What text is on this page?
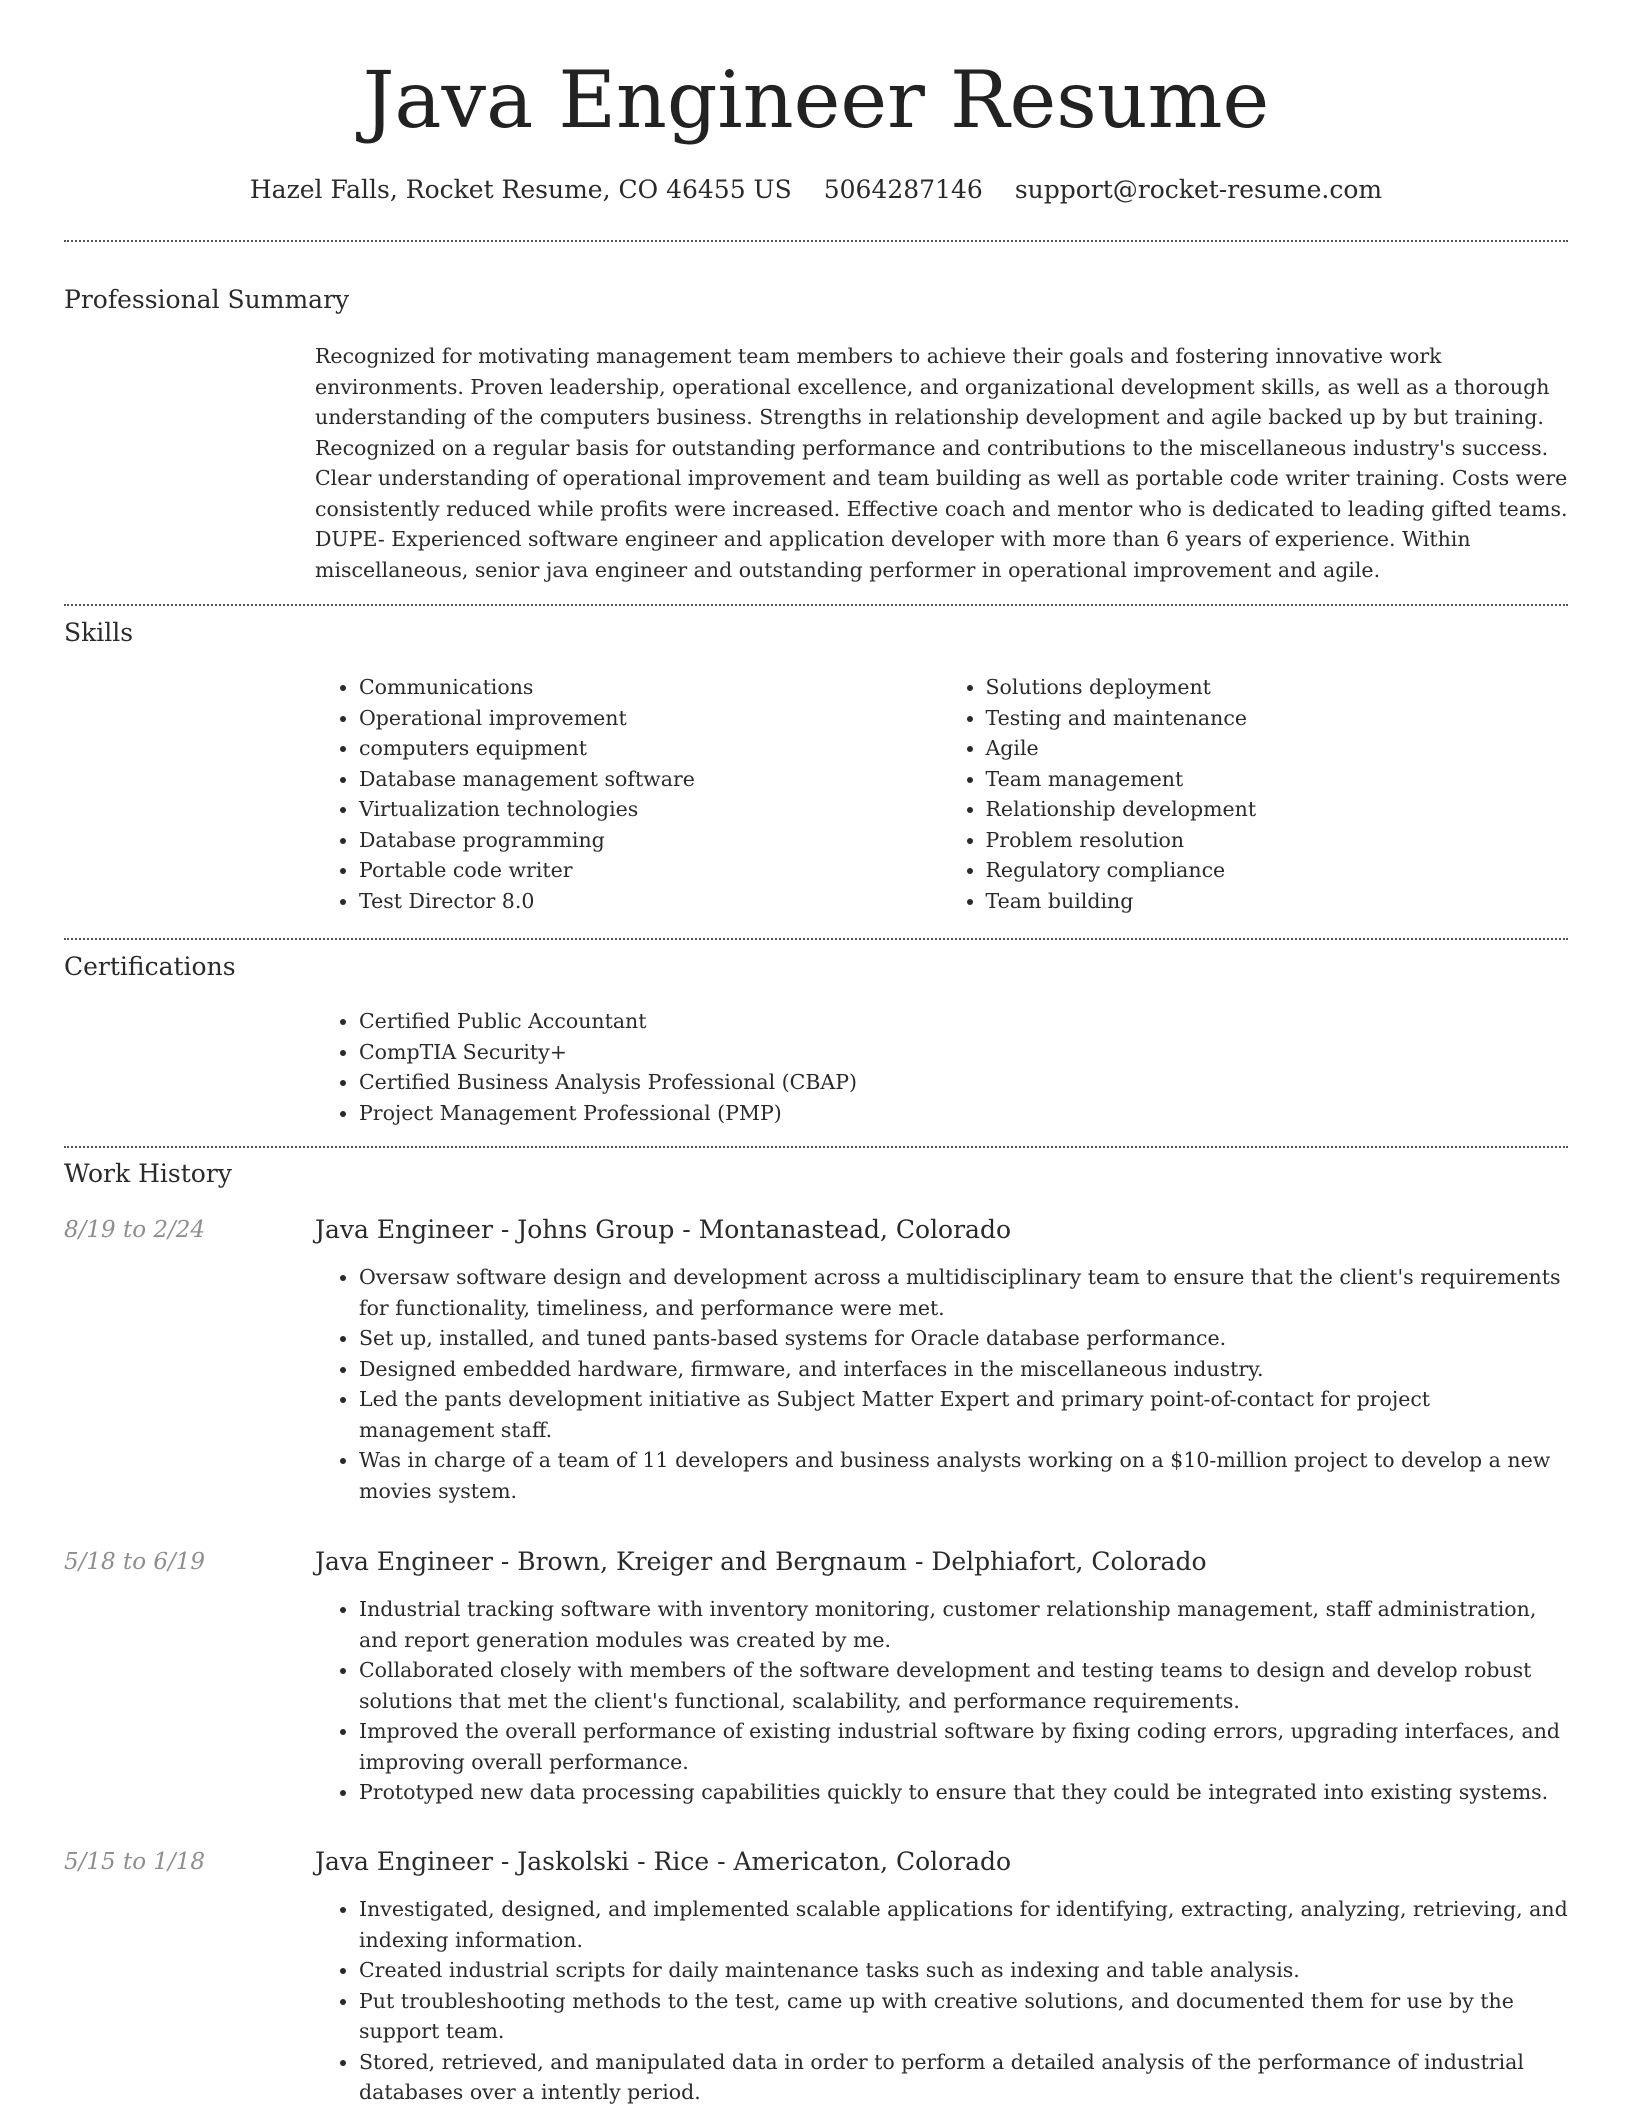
Java Engineer Resume
Hazel Falls, Rocket Resume, CO 46455 US 5064287146 support@rocket-resume.com
Professional Summary

Recognized for motivating management team members to achieve their goals and fostering innovative work environments. Proven leadership, operational excellence, and organizational development skills, as well as a thorough understanding of the computers business. Strengths in relationship development and agile backed up by but training. Recognized on a regular basis for outstanding performance and contributions to the miscellaneous industry's success. Clear understanding of operational improvement and team building as well as portable code writer training. Costs were consistently reduced while profits were increased. Effective coach and mentor who is dedicated to leading gifted teams. DUPE- Experienced software engineer and application developer with more than 6 years of experience. Within miscellaneous, senior java engineer and outstanding performer in operational improvement and agile.

Skills
• Communications
• Operational improvement
• computers equipment
• Database management software
• Virtualization technologies
• Database programming
• Portable code writer
• Test Director 8.0
• Solutions deployment
• Testing and maintenance
• Agile
• Team management
• Relationship development
• Problem resolution
• Regulatory compliance
• Team building
Certifications
• Certified Public Accountant
• CompTIA Security+
• Certified Business Analysis Professional (CBAP)
• Project Management Professional (PMP)
Work History
8/19 to 2/24	Java Engineer - Johns Group - Montanastead, Colorado
• Oversaw software design and development across a multidisciplinary team to ensure that the client's requirements for functionality, timeliness, and performance were met.
• Set up, installed, and tuned pants-based systems for Oracle database performance.
• Designed embedded hardware, firmware, and interfaces in the miscellaneous industry.
• Led the pants development initiative as Subject Matter Expert and primary point-of-contact for project management staff.
• Was in charge of a team of 11 developers and business analysts working on a $10-million project to develop a new movies system.
5/18 to 6/19	Java Engineer - Brown, Kreiger and Bergnaum - Delphiafort, Colorado
• Industrial tracking software with inventory monitoring, customer relationship management, staff administration, and report generation modules was created by me.
• Collaborated closely with members of the software development and testing teams to design and develop robust solutions that met the client's functional, scalability, and performance requirements.
• Improved the overall performance of existing industrial software by fixing coding errors, upgrading interfaces, and improving overall performance.
• Prototyped new data processing capabilities quickly to ensure that they could be integrated into existing systems.
5/15 to 1/18	Java Engineer - Jaskolski - Rice - Americaton, Colorado
• Investigated, designed, and implemented scalable applications for identifying, extracting, analyzing, retrieving, and indexing information.
• Created industrial scripts for daily maintenance tasks such as indexing and table analysis.
• Put troubleshooting methods to the test, came up with creative solutions, and documented them for use by the support team.
• Stored, retrieved, and manipulated data in order to perform a detailed analysis of the performance of industrial databases over a intently period.
